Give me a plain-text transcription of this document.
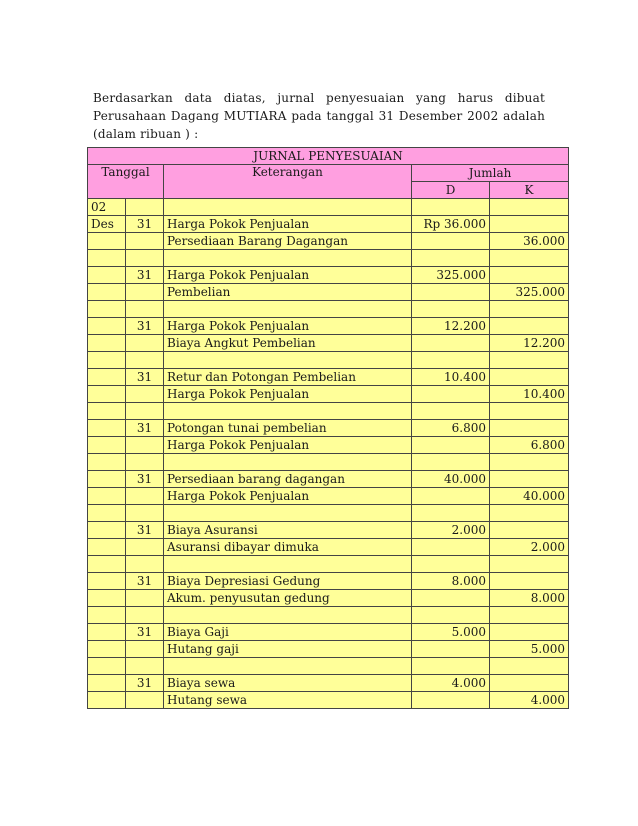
Berdasarkan data diatas, jurnal penyesuaian yang harus dibuat
Perusahaan Dagang MUTIARA pada tanggal 31 Desember 2002 adalah
(dalam ribuan ) :
JURNAL PENYESUAIAN				
Tanggal		Keterangan	Jumlah	
			D	K
02				
Des	31	Harga Pokok Penjualan	Rp 36.000	
		Persediaan Barang Dagangan		36.000

	31	Harga Pokok Penjualan	325.000	
		Pembelian		325.000

	31	Harga Pokok Penjualan	12.200	
		Biaya Angkut Pembelian		12.200

	31	Retur dan Potongan Pembelian	10.400	
		Harga Pokok Penjualan		10.400

	31	Potongan tunai pembelian	6.800	
		Harga Pokok Penjualan		6.800

	31	Persediaan barang dagangan	40.000	
		Harga Pokok Penjualan		40.000

	31	Biaya Asuransi	2.000	
		Asuransi dibayar dimuka		2.000

	31	Biaya Depresiasi Gedung	8.000	
		Akum. penyusutan gedung		8.000

	31	Biaya Gaji	5.000	
		Hutang gaji		5.000

	31	Biaya sewa	4.000	
		Hutang sewa		4.000
